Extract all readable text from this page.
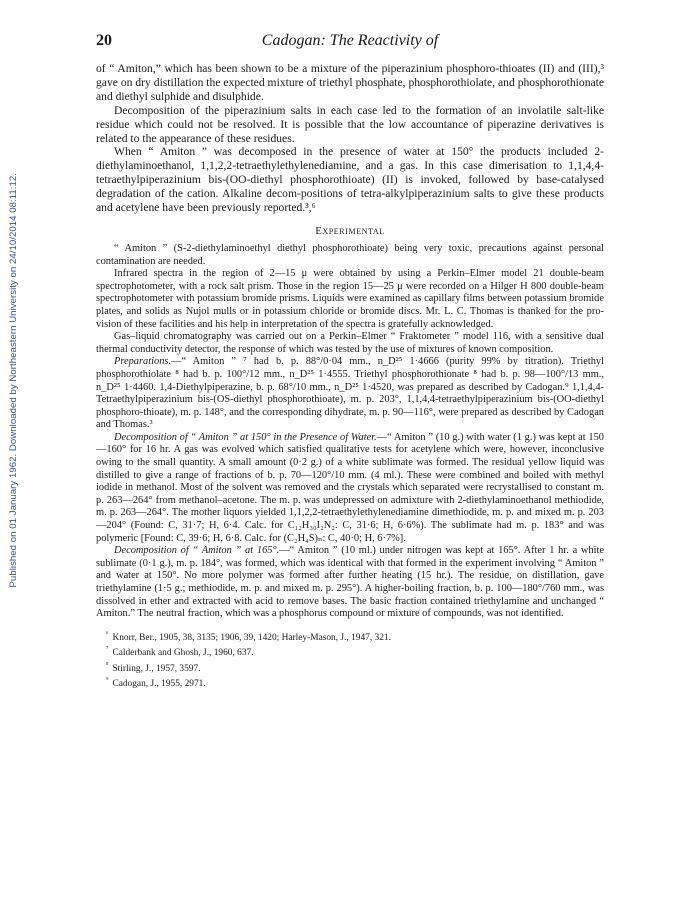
Published on 01 January 1962. Downloaded by Northeastern University on 24/10/2014 08:11:12.
20	Cadogan: The Reactivity of

of “ Amiton,” which has been shown to be a mixture of the piperazinium phosphoro-thioates (II) and (III),³ gave on dry distillation the expected mixture of triethyl phosphate, phosphorothiolate, and phosphorothionate and diethyl sulphide and disulphide.

Decomposition of the piperazinium salts in each case led to the formation of an involatile salt-like residue which could not be resolved. It is possible that the low accountance of piperazine derivatives is related to the appearance of these residues.

When “ Amiton ” was decomposed in the presence of water at 150° the products included 2-diethylaminoethanol, 1,1,2,2-tetraethylethylenediamine, and a gas. In this case dimerisation to 1,1,4,4-tetraethylpiperazinium bis-(OO-diethyl phosphorothioate) (II) is invoked, followed by base-catalysed degradation of the cation. Alkaline decom-positions of tetra-alkylpiperazinium salts to give these products and acetylene have been previously reported.³,⁶

Experimental

“ Amiton ” (S-2-diethylaminoethyl diethyl phosphorothioate) being very toxic, precautions against personal contamination are needed.

Infrared spectra in the region of 2—15 μ were obtained by using a Perkin–Elmer model 21 double-beam spectrophotometer, with a rock salt prism. Those in the region 15—25 μ were recorded on a Hilger H 800 double-beam spectrophotometer with potassium bromide prisms. Liquids were examined as capillary films between potassium bromide plates, and solids as Nujol mulls or in potassium chloride or bromide discs. Mr. L. C. Thomas is thanked for the pro-vision of these facilities and his help in interpretation of the spectra is gratefully acknowledged.

Gas–liquid chromatography was carried out on a Perkin–Elmer “ Fraktometer ” model 116, with a sensitive dual thermal conductivity detector, the response of which was tested by the use of mixtures of known composition.

Preparations.—“ Amiton ” ⁷ had b. p. 88°/0·04 mm., n_D²⁵ 1·4666 (purity 99% by titration). Triethyl phosphorothiolate ⁸ had b. p. 100°/12 mm., n_D²⁵ 1·4555. Triethyl phosphorothionate ⁸ had b. p. 98—100°/13 mm., n_D²⁵ 1·4460. 1,4-Diethylpiperazine, b. p. 68°/10 mm., n_D²⁵ 1·4520, was prepared as described by Cadogan.⁹ 1,1,4,4-Tetraethylpiperazinium bis-(OS-diethyl phosphorothioate), m. p. 203°, 1,1,4,4-tetraethylpiperazinium bis-(OO-diethyl phosphoro-thioate), m. p. 148°, and the corresponding dihydrate, m. p. 90—116°, were prepared as described by Cadogan and Thomas.³

Decomposition of “ Amiton ” at 150° in the Presence of Water.—“ Amiton ” (10 g.) with water (1 g.) was kept at 150—160° for 16 hr. A gas was evolved which satisfied qualitative tests for acetylene which were, however, inconclusive owing to the small quantity. A small amount (0·2 g.) of a white sublimate was formed. The residual yellow liquid was distilled to give a range of fractions of b. p. 70—120°/10 mm. (4 ml.). These were combined and boiled with methyl iodide in methanol. Most of the solvent was removed and the crystals which separated were recrystallised to constant m. p. 263—264° from methanol–acetone. The m. p. was undepressed on admixture with 2-diethylaminoethanol methiodide, m. p. 263—264°. The mother liquors yielded 1,1,2,2-tetraethylethylenediamine dimethiodide, m. p. and mixed m. p. 203—204° (Found: C, 31·7; H, 6·4. Calc. for C₁₂H₃₀I₂N₂: C, 31·6; H, 6·6%). The sublimate had m. p. 183° and was polymeric [Found: C, 39·6; H, 6·8. Calc. for (C₂H₄S)ₙ: C, 40·0; H, 6·7%].

Decomposition of “ Amiton ” at 165°.—“ Amiton ” (10 ml.) under nitrogen was kept at 165°. After 1 hr. a white sublimate (0·1 g.), m. p. 184°, was formed, which was identical with that formed in the experiment involving “ Amiton ” and water at 150°. No more polymer was formed after further heating (15 hr.). The residue, on distillation, gave triethylamine (1·5 g.; methiodide, m. p. and mixed m. p. 295°). A higher-boiling fraction, b. p. 100—180°/760 mm., was dissolved in ether and extracted with acid to remove bases. The basic fraction contained triethylamine and unchanged “ Amiton.” The neutral fraction, which was a phosphorus compound or mixture of compounds, was not identified.

$^{^6}$ Knorr, Ber., 1905, 38, 3135; 1906, 39, 1420; Harley-Mason, J., 1947, 321.
$^{^7}$ Calderbank and Ghosh, J., 1960, 637.
$^{^8}$ Stirling, J., 1957, 3597.
$^{^9}$ Cadogan, J., 1955, 2971.
